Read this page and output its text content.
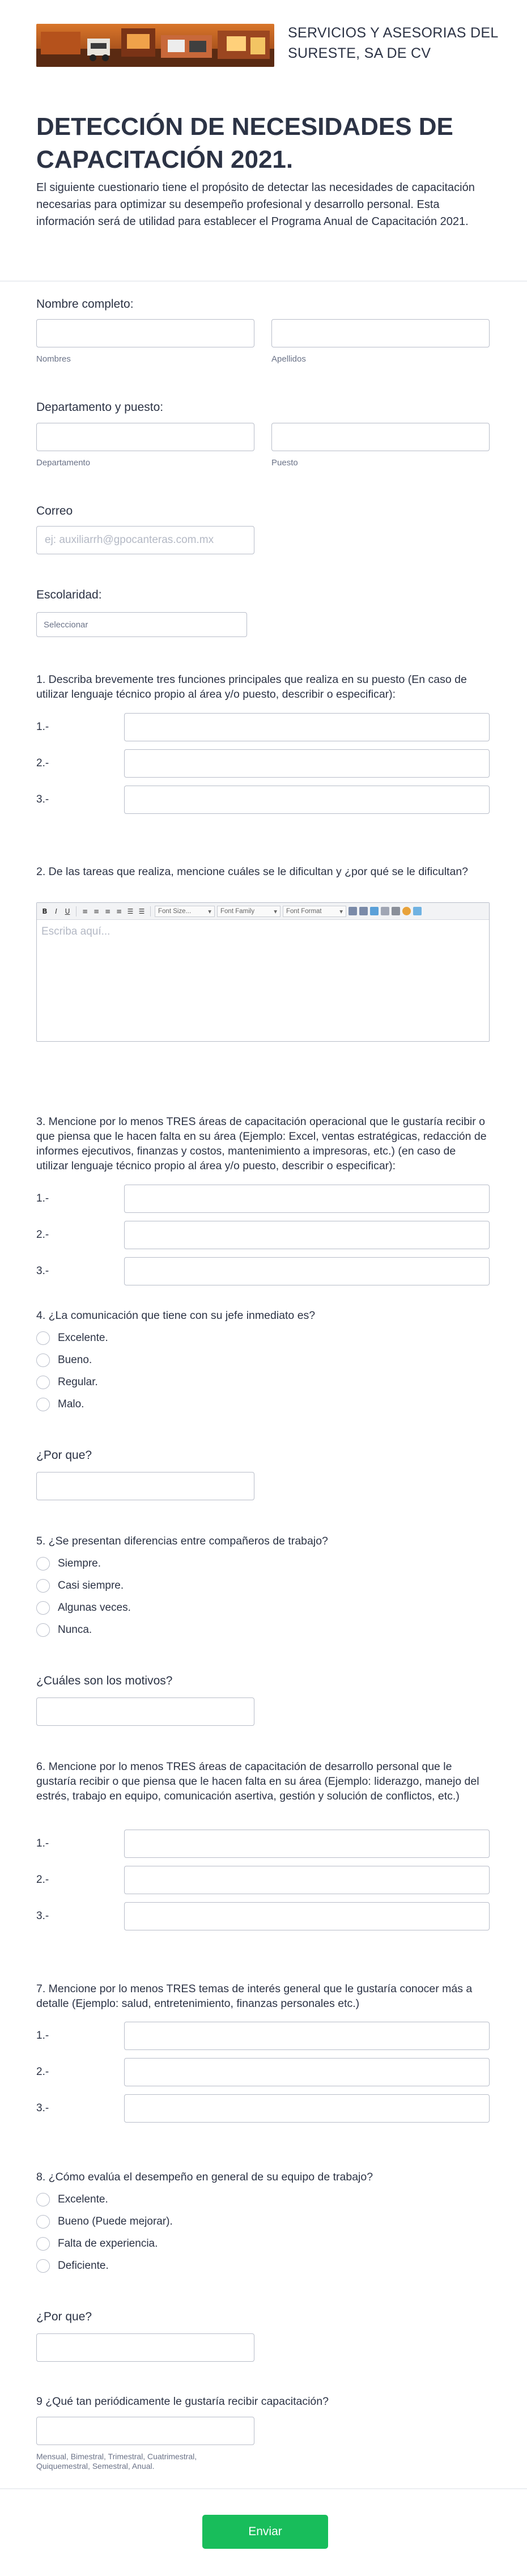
SERVICIOS Y ASESORIAS DEL SURESTE, SA DE CV
DETECCIÓN DE NECESIDADES DE CAPACITACIÓN 2021.
El siguiente cuestionario tiene el propósito de detectar las necesidades de capacitación necesarias para optimizar su desempeño profesional y desarrollo personal. Esta información será de utilidad para establecer el Programa Anual de Capacitación 2021.
Nombre completo:
Nombres	Apellidos
Departamento y puesto:
Departamento	Puesto
Correo
ej: auxiliarrh@gpocanteras.com.mx
Escolaridad:
Seleccionar
1. Describa brevemente tres funciones principales que realiza en su puesto (En caso de utilizar lenguaje técnico propio al área y/o puesto, describir o especificar):
1.-
2.-
3.-
2. De las tareas que realiza, mencione cuáles se le dificultan y ¿por qué se le dificultan?
B	I	U	≡ ≡ ≡ ≡ ☰ ☰ Font Size...	▾ Font Family	▾ Font Format	▾
Escriba aquí...
3. Mencione por lo menos TRES áreas de capacitación operacional que le gustaría recibir o que piensa que le hacen falta en su área (Ejemplo: Excel, ventas estratégicas, redacción de informes ejecutivos, finanzas y costos, mantenimiento a impresoras, etc.) (en caso de utilizar lenguaje técnico propio al área y/o puesto, describir o especificar):
1.-
2.-
3.-
4. ¿La comunicación que tiene con su jefe inmediato es?
Excelente.
Bueno.
Regular.
Malo.
¿Por que?
5. ¿Se presentan diferencias entre compañeros de trabajo?
Siempre.
Casi siempre.
Algunas veces.
Nunca.
¿Cuáles son los motivos?
6. Mencione por lo menos TRES áreas de capacitación de desarrollo personal que le gustaría recibir o que piensa que le hacen falta en su área (Ejemplo: liderazgo, manejo del estrés, trabajo en equipo, comunicación asertiva, gestión y solución de conflictos, etc.)
1.-
2.-
3.-
7. Mencione por lo menos TRES temas de interés general que le gustaría conocer más a detalle (Ejemplo: salud, entretenimiento, finanzas personales etc.)
1.-
2.-
3.-
8. ¿Cómo evalúa el desempeño en general de su equipo de trabajo?
Excelente.
Bueno (Puede mejorar).
Falta de experiencia.
Deficiente.
¿Por que?
9 ¿Qué tan periódicamente le gustaría recibir capacitación?
Mensual, Bimestral, Trimestral, Cuatrimestral, Quiquemestral, Semestral, Anual.
Enviar
